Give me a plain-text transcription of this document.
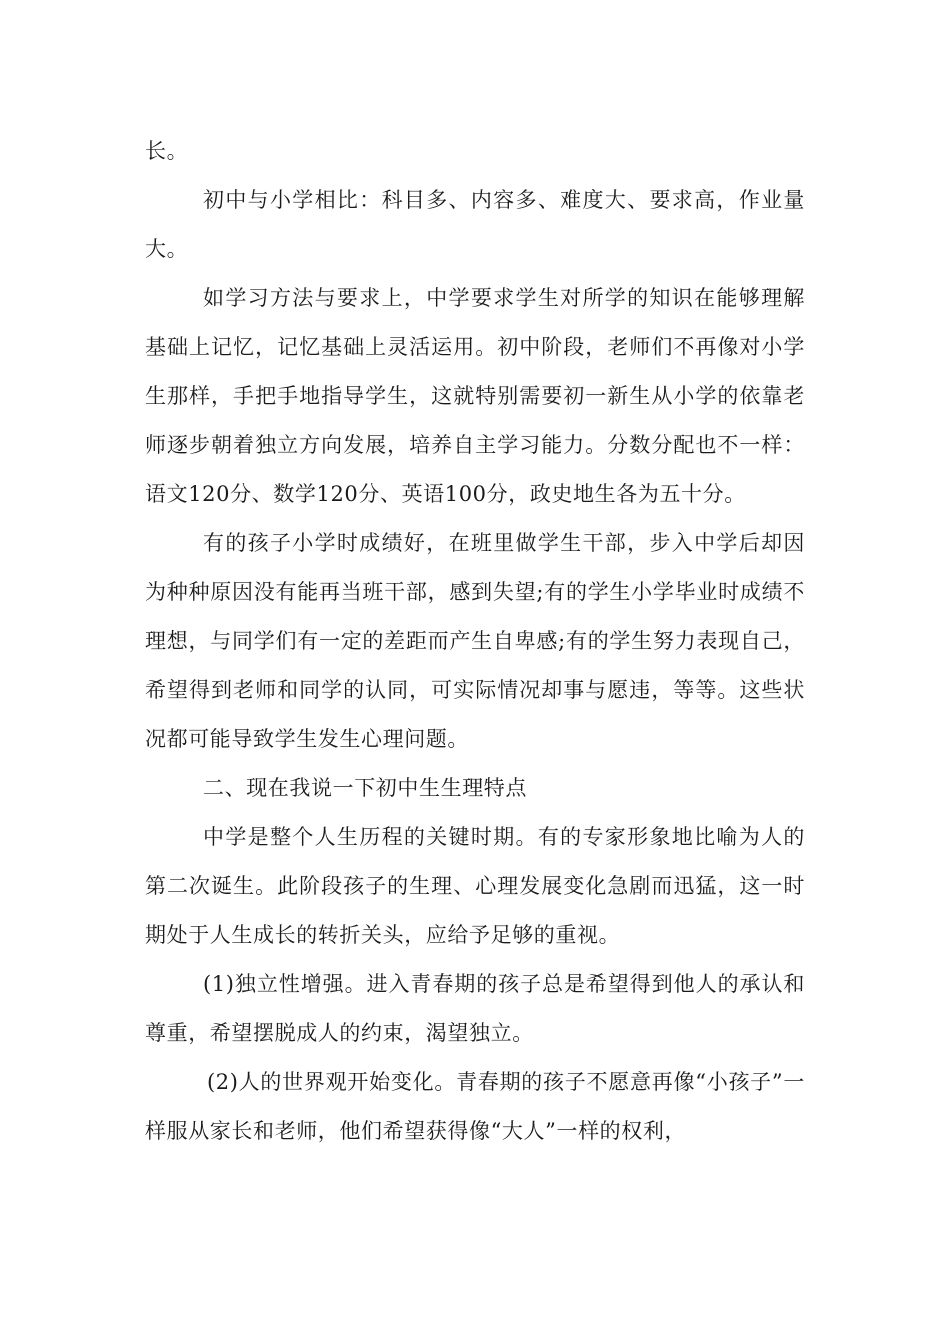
长。

初中与小学相比：科目多、内容多、难度大、要求高，作业量大。

如学习方法与要求上，中学要求学生对所学的知识在能够理解基础上记忆，记忆基础上灵活运用。初中阶段，老师们不再像对小学生那样，手把手地指导学生，这就特别需要初一新生从小学的依靠老师逐步朝着独立方向发展，培养自主学习能力。分数分配也不一样：语文120分、数学120分、英语100分，政史地生各为五十分。

有的孩子小学时成绩好，在班里做学生干部，步入中学后却因为种种原因没有能再当班干部，感到失望;有的学生小学毕业时成绩不理想，与同学们有一定的差距而产生自卑感;有的学生努力表现自己，希望得到老师和同学的认同，可实际情况却事与愿违，等等。这些状况都可能导致学生发生心理问题。

二、现在我说一下初中生生理特点

中学是整个人生历程的关键时期。有的专家形象地比喻为人的第二次诞生。此阶段孩子的生理、心理发展变化急剧而迅猛，这一时期处于人生成长的转折关头，应给予足够的重视。

(1)独立性增强。进入青春期的孩子总是希望得到他人的承认和尊重，希望摆脱成人的约束，渴望独立。

(2)人的世界观开始变化。青春期的孩子不愿意再像“小孩子”一样服从家长和老师，他们希望获得像“大人”一样的权利，
